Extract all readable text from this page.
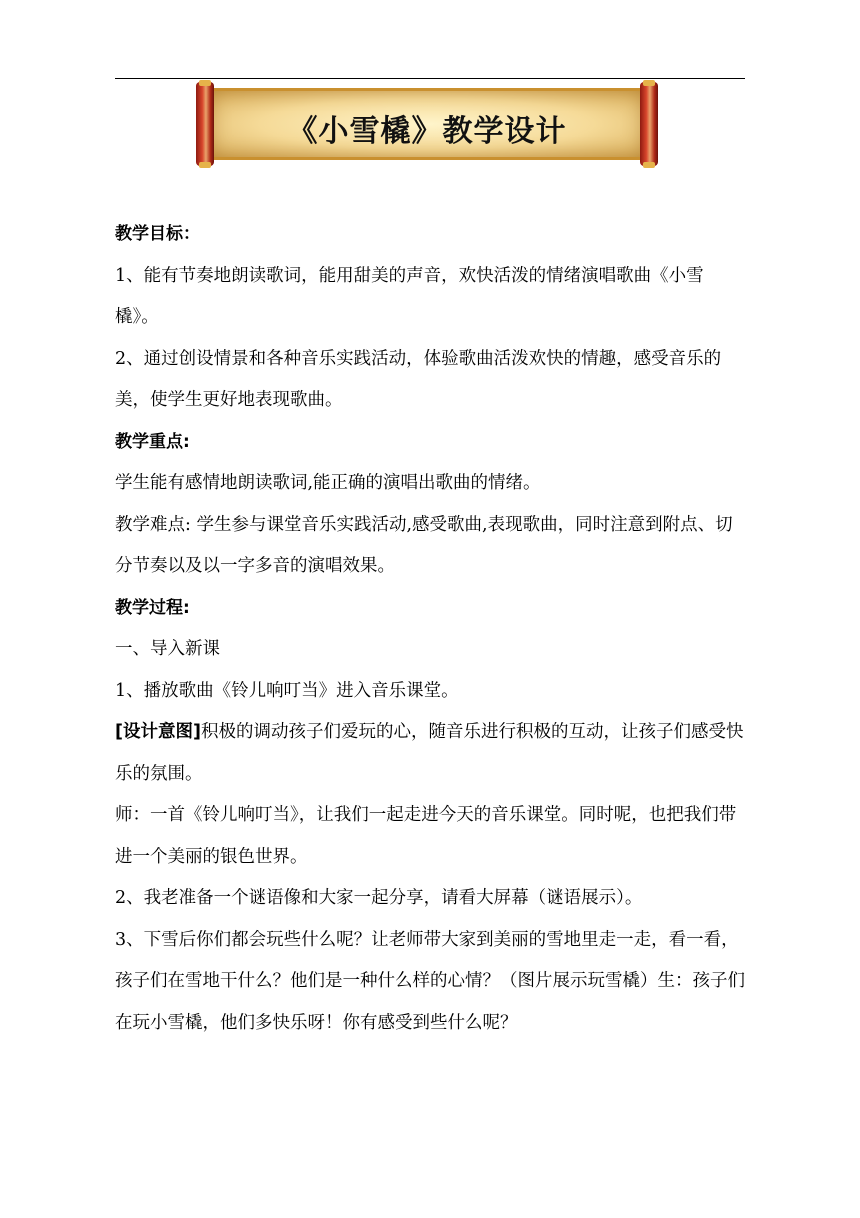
《小雪橇》教学设计

教学目标：

1、能有节奏地朗读歌词，能用甜美的声音，欢快活泼的情绪演唱歌曲《小雪橇》。

2、通过创设情景和各种音乐实践活动，体验歌曲活泼欢快的情趣，感受音乐的美，使学生更好地表现歌曲。

教学重点:

学生能有感情地朗读歌词,能正确的演唱出歌曲的情绪。

教学难点: 学生参与课堂音乐实践活动,感受歌曲,表现歌曲，同时注意到附点、切分节奏以及以一字多音的演唱效果。

教学过程:

一、导入新课

1、播放歌曲《铃儿响叮当》进入音乐课堂。

[设计意图]积极的调动孩子们爱玩的心，随音乐进行积极的互动，让孩子们感受快乐的氛围。

师：一首《铃儿响叮当》，让我们一起走进今天的音乐课堂。同时呢，也把我们带进一个美丽的银色世界。

2、我老准备一个谜语像和大家一起分享，请看大屏幕（谜语展示）。

3、下雪后你们都会玩些什么呢？让老师带大家到美丽的雪地里走一走，看一看，孩子们在雪地干什么？他们是一种什么样的心情？（图片展示玩雪橇）生：孩子们在玩小雪橇，他们多快乐呀！你有感受到些什么呢？
